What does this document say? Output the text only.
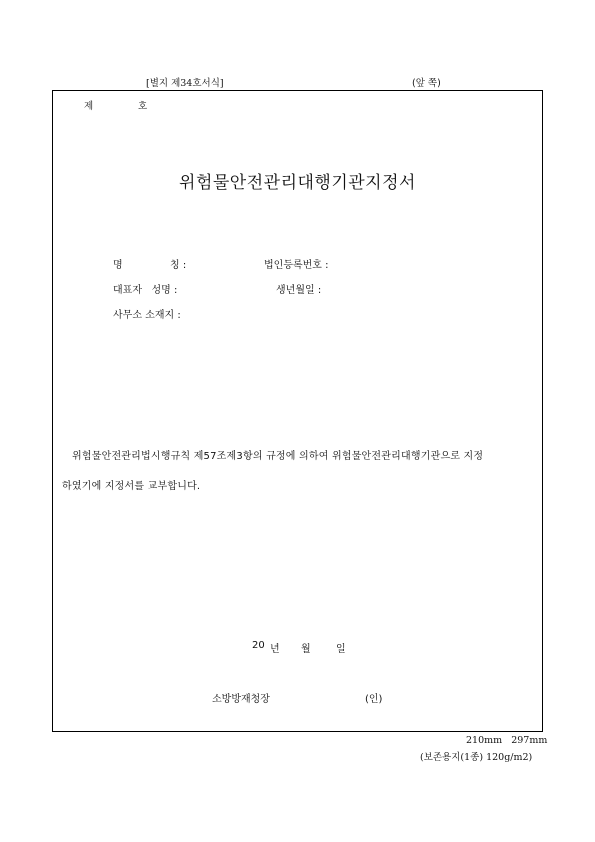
[별지 제34호서식]	(앞 쪽)
제	호
위험물안전관리대행기관지정서
명	칭 :	법인등록번호 :
대표자   성명 :	생년월일 :
사무소 소재지 :
위험물안전관리법시행규칙 제57조제3항의 규정에 의하여 위험물안전관리대행기관으로 지정
하였기에 지정서를 교부합니다.
20 년 월	일
소방방재청장	(인)
210mm   297mm
(보존용지(1종) 120g/m2)
